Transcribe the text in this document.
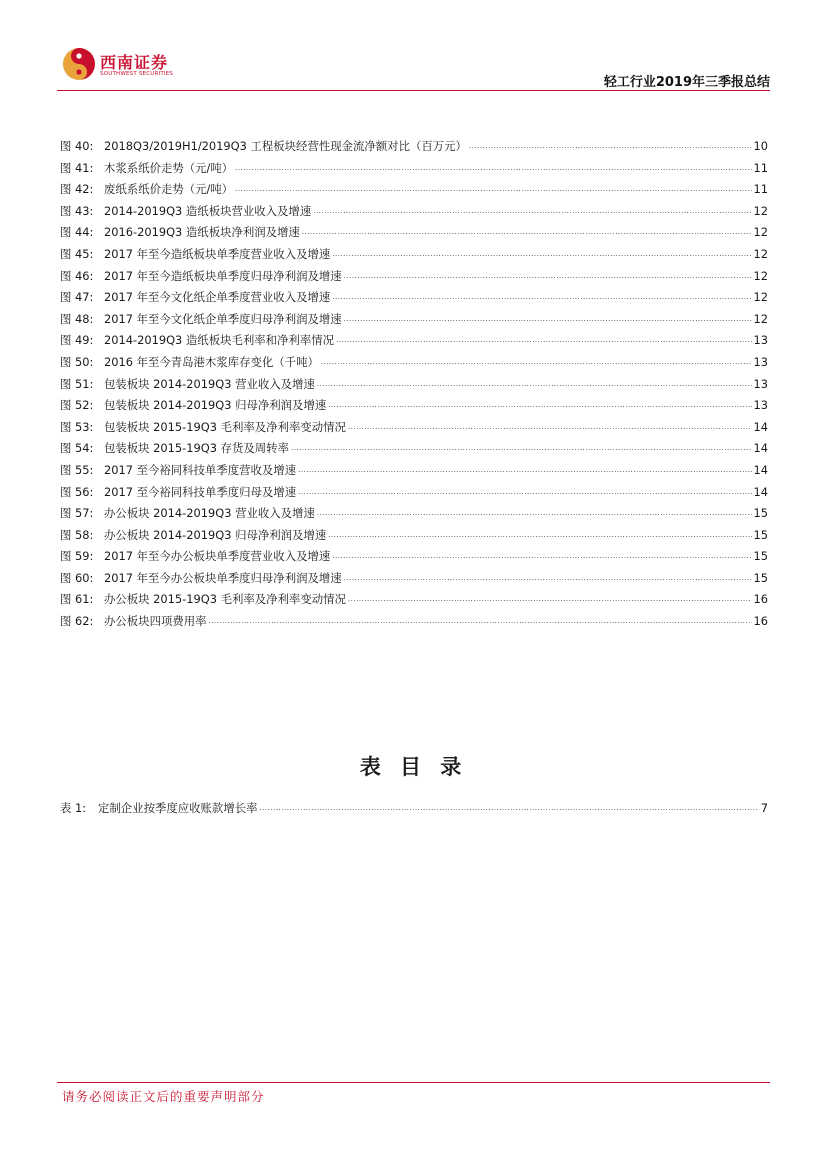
西南证券
SOUTHWEST SECURITIES
轻工行业2019年三季报总结
图 40: 2018Q3/2019H1/2019Q3 工程板块经营性现金流净额对比（百万元） .....	10
图 41: 木浆系纸价走势（元/吨） .....	11
图 42: 废纸系纸价走势（元/吨） .....	11
图 43: 2014-2019Q3 造纸板块营业收入及增速 .....	12
图 44: 2016-2019Q3 造纸板块净利润及增速 .....	12
图 45: 2017 年至今造纸板块单季度营业收入及增速 .....	12
图 46: 2017 年至今造纸板块单季度归母净利润及增速 .....	12
图 47: 2017 年至今文化纸企单季度营业收入及增速 .....	12
图 48: 2017 年至今文化纸企单季度归母净利润及增速 .....	12
图 49: 2014-2019Q3 造纸板块毛利率和净利率情况 .....	13
图 50: 2016 年至今青岛港木浆库存变化（千吨） .....	13
图 51: 包装板块 2014-2019Q3 营业收入及增速 .....	13
图 52: 包装板块 2014-2019Q3 归母净利润及增速 .....	13
图 53: 包装板块 2015-19Q3 毛利率及净利率变动情况 .....	14
图 54: 包装板块 2015-19Q3 存货及周转率 .....	14
图 55: 2017 至今裕同科技单季度营收及增速 .....	14
图 56: 2017 至今裕同科技单季度归母及增速 .....	14
图 57: 办公板块 2014-2019Q3 营业收入及增速 .....	15
图 58: 办公板块 2014-2019Q3 归母净利润及增速 .....	15
图 59: 2017 年至今办公板块单季度营业收入及增速 .....	15
图 60: 2017 年至今办公板块单季度归母净利润及增速 .....	15
图 61: 办公板块 2015-19Q3 毛利率及净利率变动情况 .....	16
图 62: 办公板块四项费用率 .....	16
表 目 录
表 1:	定制企业按季度应收账款增长率 .....	7
请务必阅读正文后的重要声明部分
